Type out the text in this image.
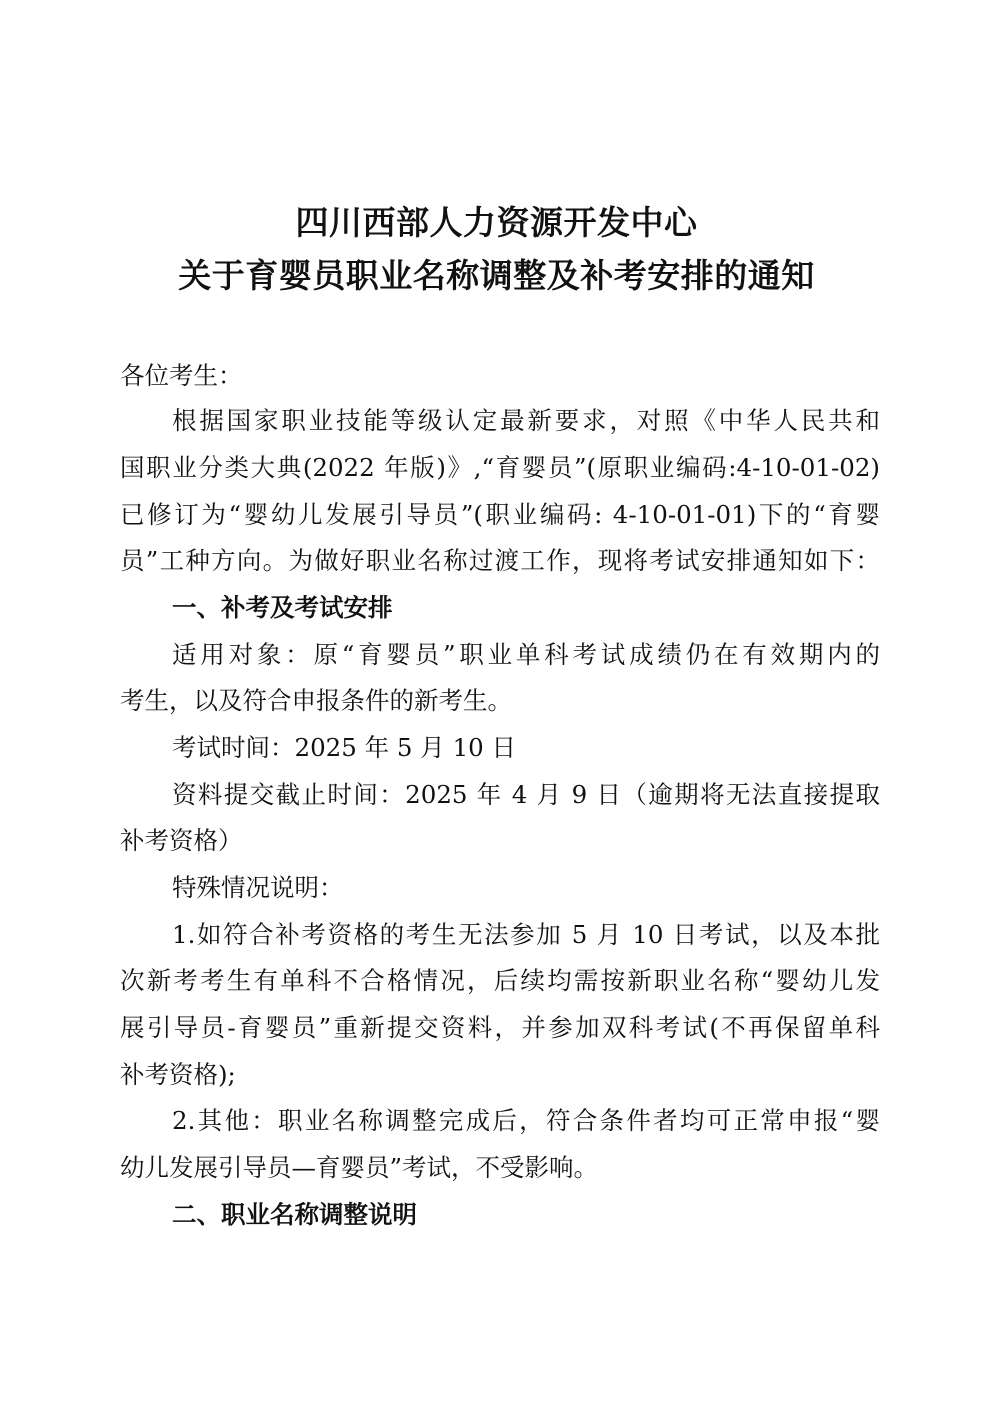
四川西部人力资源开发中心
关于育婴员职业名称调整及补考安排的通知

各位考生：

根据国家职业技能等级认定最新要求，对照《中华人民共和

国职业分类大典(2022 年版)》,“育婴员”(原职业编码:4-10-01-02)

已修订为“婴幼儿发展引导员”(职业编码: 4-10-01-01)下的“育婴

员”工种方向。为做好职业名称过渡工作，现将考试安排通知如下：

一、补考及考试安排

适用对象：原“育婴员”职业单科考试成绩仍在有效期内的

考生，以及符合申报条件的新考生。

考试时间：2025 年 5 月 10 日

资料提交截止时间：2025 年 4 月 9 日（逾期将无法直接提取

补考资格）

特殊情况说明：

1.如符合补考资格的考生无法参加 5 月 10 日考试，以及本批

次新考考生有单科不合格情况，后续均需按新职业名称“婴幼儿发

展引导员-育婴员”重新提交资料，并参加双科考试(不再保留单科

补考资格);

2.其他：职业名称调整完成后，符合条件者均可正常申报“婴

幼儿发展引导员—育婴员”考试，不受影响。

二、职业名称调整说明
